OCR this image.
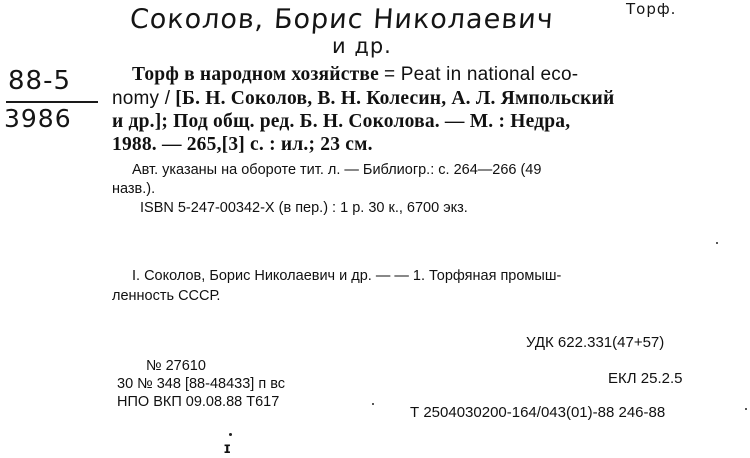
Соколов, Борис Николаевич
и др.
Торф.
88-5
3986
Торф в народном хозяйстве = Peat in national eco-
nomy / [Б. Н. Соколов, В. Н. Колесин, А. Л. Ямпольский
и др.]; Под общ. ред. Б. Н. Соколова. — М. : Недра,
1988. — 265,[3] с. : ил.; 23 см.
Авт. указаны на обороте тит. л. — Библиогр.: с. 264—266 (49
назв.).
ISBN 5-247-00342-X (в пер.) : 1 р. 30 к., 6700 экз.
I. Соколов, Борис Николаевич и др. — — 1. Торфяная промыш-
ленность СССР.
УДК 622.331(47+57)
№ 27610
ЕКЛ 25.2.5
30 № 348 [88-48433] п вс
НПО ВКП 09.08.88 Т617
Т 2504030200-164/043(01)-88 246-88
ɪ
